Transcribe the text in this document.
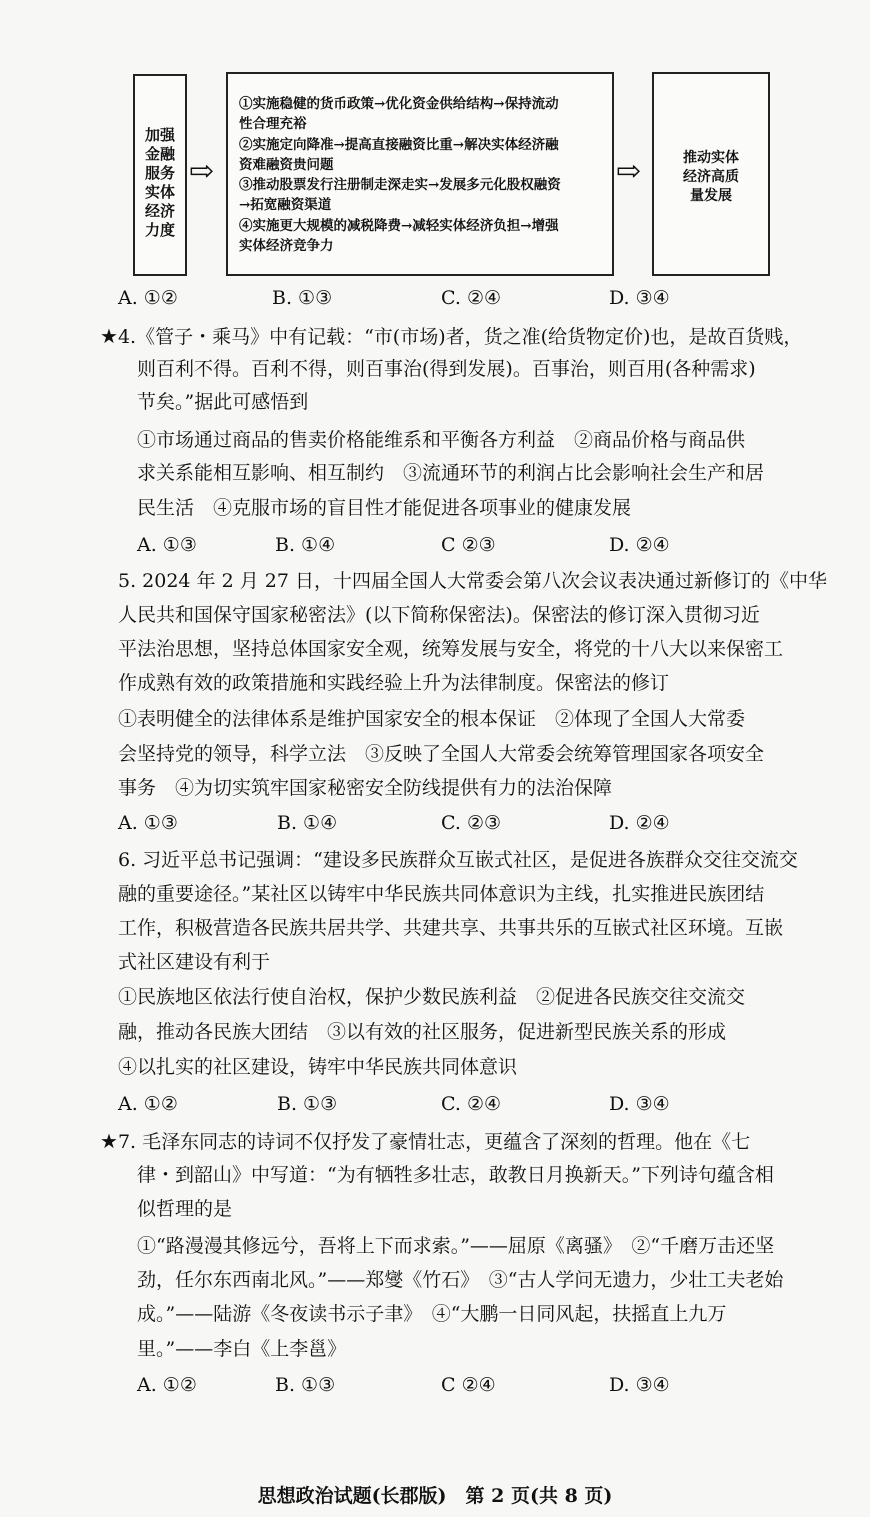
加强
金融
服务
实体
经济
力度
⇨
①实施稳健的货币政策→优化资金供给结构→保持流动
性合理充裕
②实施定向降准→提高直接融资比重→解决实体经济融
资难融资贵问题
③推动股票发行注册制走深走实→发展多元化股权融资
→拓宽融资渠道
④实施更大规模的减税降费→减轻实体经济负担→增强
实体经济竞争力
⇨	推动实体
经济高质
量发展
A. ①②	B. ①③	C. ②④	D. ③④
★4.《管子・乘马》中有记载：“市(市场)者，货之准(给货物定价)也，是故百货贱，
则百利不得。百利不得，则百事治(得到发展)。百事治，则百用(各种需求)
节矣。”据此可感悟到
①市场通过商品的售卖价格能维系和平衡各方利益　②商品价格与商品供
求关系能相互影响、相互制约　③流通环节的利润占比会影响社会生产和居
民生活　④克服市场的盲目性才能促进各项事业的健康发展
A. ①③	B. ①④	C ②③	D. ②④
5. 2024 年 2 月 27 日，十四届全国人大常委会第八次会议表决通过新修订的《中华
人民共和国保守国家秘密法》(以下简称保密法)。保密法的修订深入贯彻习近
平法治思想，坚持总体国家安全观，统筹发展与安全，将党的十八大以来保密工
作成熟有效的政策措施和实践经验上升为法律制度。保密法的修订
①表明健全的法律体系是维护国家安全的根本保证　②体现了全国人大常委
会坚持党的领导，科学立法　③反映了全国人大常委会统筹管理国家各项安全
事务　④为切实筑牢国家秘密安全防线提供有力的法治保障
A. ①③	B. ①④	C. ②③	D. ②④
6. 习近平总书记强调：“建设多民族群众互嵌式社区，是促进各族群众交往交流交
融的重要途径。”某社区以铸牢中华民族共同体意识为主线，扎实推进民族团结
工作，积极营造各民族共居共学、共建共享、共事共乐的互嵌式社区环境。互嵌
式社区建设有利于
①民族地区依法行使自治权，保护少数民族利益　②促进各民族交往交流交
融，推动各民族大团结　③以有效的社区服务，促进新型民族关系的形成
④以扎实的社区建设，铸牢中华民族共同体意识
A. ①②	B. ①③	C. ②④	D. ③④
★7. 毛泽东同志的诗词不仅抒发了豪情壮志，更蕴含了深刻的哲理。他在《七
律・到韶山》中写道：“为有牺牲多壮志，敢教日月换新天。”下列诗句蕴含相
似哲理的是
①“路漫漫其修远兮，吾将上下而求索。”——屈原《离骚》　②“千磨万击还坚
劲，任尔东西南北风。”——郑燮《竹石》　③“古人学问无遗力，少壮工夫老始
成。”——陆游《冬夜读书示子聿》　④“大鹏一日同风起，扶摇直上九万
里。”——李白《上李邕》
A. ①②	B. ①③	C ②④	D. ③④
思想政治试题(长郡版)　第 2 页(共 8 页)
